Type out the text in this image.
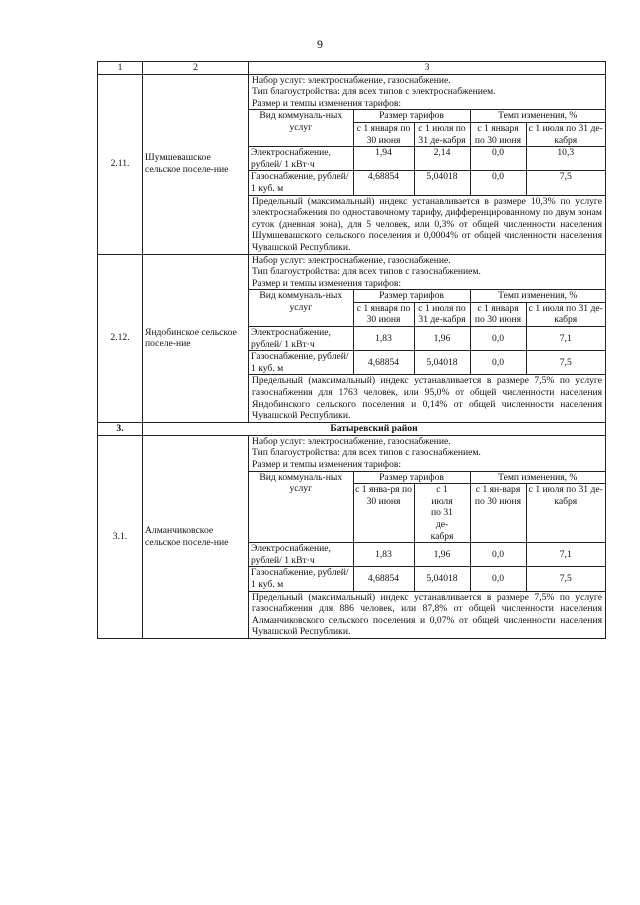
9
1	2	3
2.11.	Шумшевашское сельское поселе-ние	
Набор услуг: электроснабжение, газоснабжение.
Тип благоустройства: для всех типов с электроснабжением.
Размер и темпы изменения тарифов:
Вид коммуналь-ных услуг	Размер тарифов	Темп изменения, %
с 1 января по 30 июня	с 1 июля по 31 де-кабря	с 1 января по 30 июня	с 1 июля по 31 де-кабря
Электроснабжение, рублей/ 1 кВт·ч	1,94	2,14	0,0	10,3
Газоснабжение, рублей/ 1 куб. м	4,68854	5,04018	0,0	7,5
Предельный (максимальный) индекс устанавливается в размере 10,3% по услуге электроснабжения по одноставочному тарифу, дифференцированному по двум зонам суток (дневная зона), для 5 человек, или 0,3% от общей численности населения Шумшевашского сельского поселения и 0,0004% от общей численности населения Чувашской Республики.

2.12.	Яндобинское сельское поселе-ние	
Набор услуг: электроснабжение, газоснабжение.
Тип благоустройства: для всех типов с газоснабжением.
Размер и темпы изменения тарифов:
Вид коммуналь-ных услуг	Размер тарифов	Темп изменения, %
с 1 января по 30 июня	с 1 июля по 31 де-кабря	с 1 января по 30 июня	с 1 июля по 31 де-кабря
Электроснабжение, рублей/ 1 кВт·ч	1,83	1,96	0,0	7,1
Газоснабжение, рублей/ 1 куб. м	4,68854	5,04018	0,0	7,5
Предельный (максимальный) индекс устанавливается в размере 7,5% по услуге газоснабжения для 1763 человек, или 95,0% от общей численности населения Яндобинского сельского поселения и 0,14% от общей численности населения Чувашской Республики.

3.	Батыревский район
3.1.	Алманчиковское сельское поселе-ние	
Набор услуг: электроснабжение, газоснабжение.
Тип благоустройства: для всех типов с газоснабжением.
Размер и темпы изменения тарифов:
Вид коммуналь-ных услуг	Размер тарифов	Темп изменения, %
с 1 янва-ря по 30 июня	с 1 июля по 31 де-кабря	с 1 ян-варя по 30 июня	с 1 июля по 31 де-кабря
Электроснабжение, рублей/ 1 кВт·ч	1,83	1,96	0,0	7,1
Газоснабжение, рублей/ 1 куб. м	4,68854	5,04018	0,0	7,5
Предельный (максимальный) индекс устанавливается в размере 7,5% по услуге газоснабжения для 886 человек, или 87,8% от общей численности населения Алманчиковского сельского поселения и 0,07% от общей численности населения Чувашской Республики.
